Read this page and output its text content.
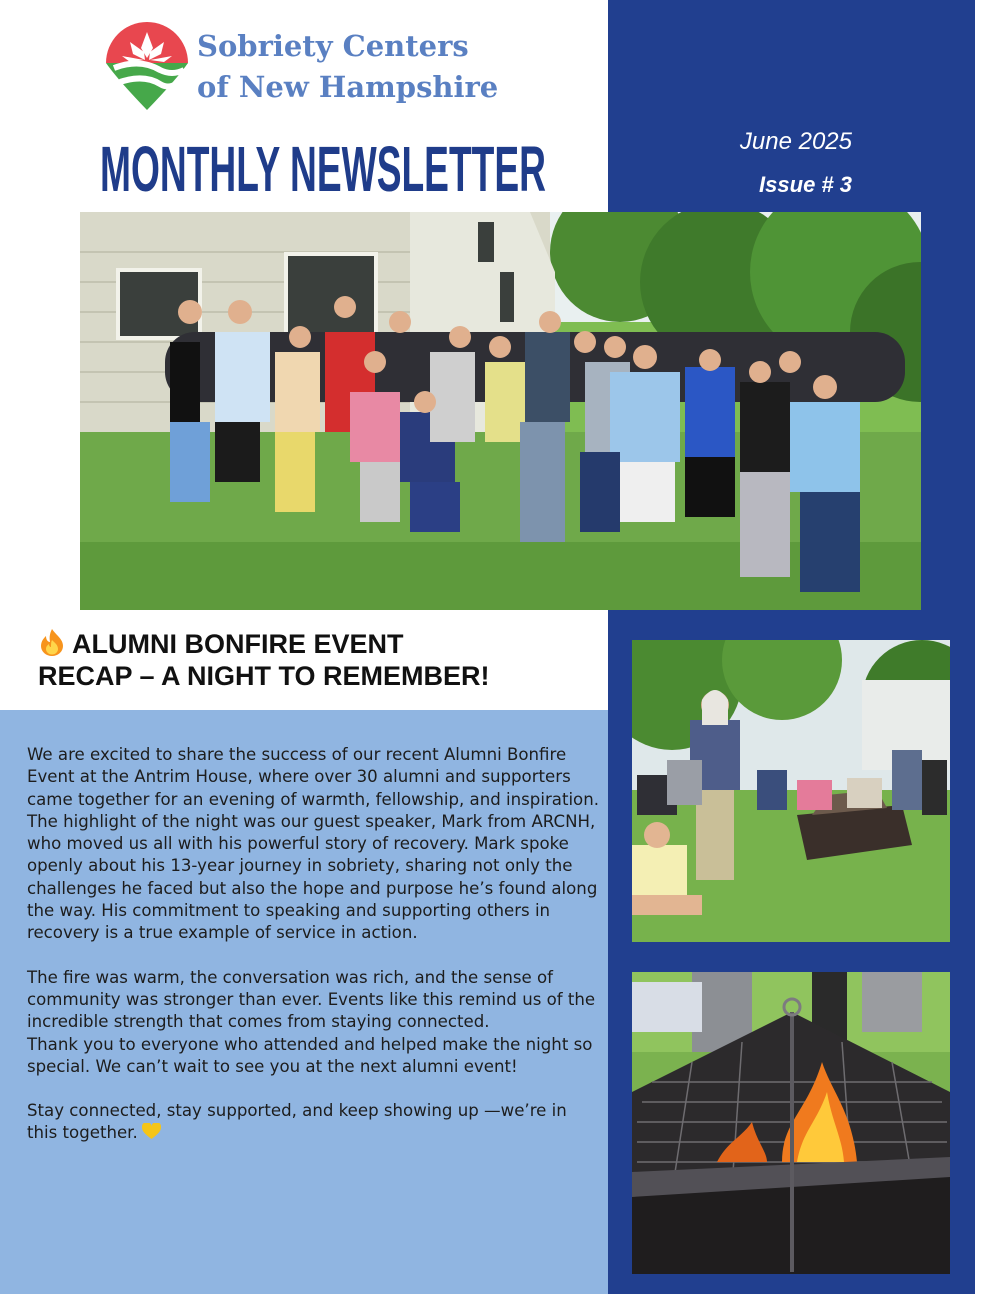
Sobriety Centers
of New Hampshire
MONTHLY NEWSLETTER	June 2025
Issue # 3
ALUMNI BONFIRE EVENT
RECAP – A NIGHT TO REMEMBER!

We are excited to share the success of our recent Alumni Bonfire Event at the Antrim House, where over 30 alumni and supporters came together for an evening of warmth, fellowship, and inspiration.

The highlight of the night was our guest speaker, Mark from ARCNH, who moved us all with his powerful story of recovery. Mark spoke openly about his 13-year journey in sobriety, sharing not only the challenges he faced but also the hope and purpose he’s found along the way. His commitment to speaking and supporting others in recovery is a true example of service in action.

The fire was warm, the conversation was rich, and the sense of community was stronger than ever. Events like this remind us of the incredible strength that comes from staying connected.

Thank you to everyone who attended and helped make the night so special. We can’t wait to see you at the next alumni event!

Stay connected, stay supported, and keep showing up —we’re in this together.
